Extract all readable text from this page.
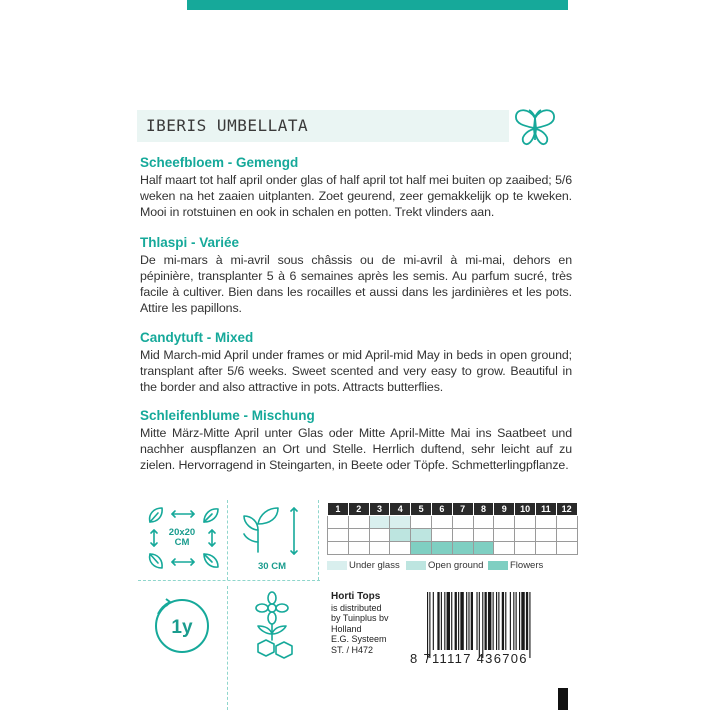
IBERIS UMBELLATA
Scheefbloem - Gemengd
Half maart tot half april onder glas of half april tot half mei buiten op zaaibed; 5/6 weken na het zaaien uitplanten. Zoet geurend, zeer gemakkelijk op te kweken. Mooi in rotstuinen en ook in schalen en potten. Trekt vlinders aan.
Thlaspi - Variée
De mi-mars à mi-avril sous châssis ou de mi-avril à mi-mai, dehors en pépinière, transplanter 5 à 6 semaines après les semis. Au parfum sucré, très facile à cultiver. Bien dans les rocailles et aussi dans les jardinières et les pots. Attire les papillons.
Candytuft - Mixed
Mid March-mid April under frames or mid April-mid May in beds in open ground; transplant after 5/6 weeks. Sweet scented and very easy to grow. Beautiful in the border and also attractive in pots. Attracts butterflies.
Schleifenblume - Mischung
Mitte März-Mitte April unter Glas oder Mitte April-Mitte Mai ins Saatbeet und nachher auspflanzen an Ort und Stelle. Herrlich duftend, sehr leicht auf zu zielen. Hervorragend in Steingarten, in Beete oder Töpfe. Schmetterlingpflanze.
20x20
CM
30 CM
1y
1	2	3	4	5	6	7	8	9	10	11	12

Under glass	Open ground	Flowers
Horti Tops
is distributed
by Tuinplus bv
Holland
E.G. Systeem
ST. / H472
8 711117 436706
